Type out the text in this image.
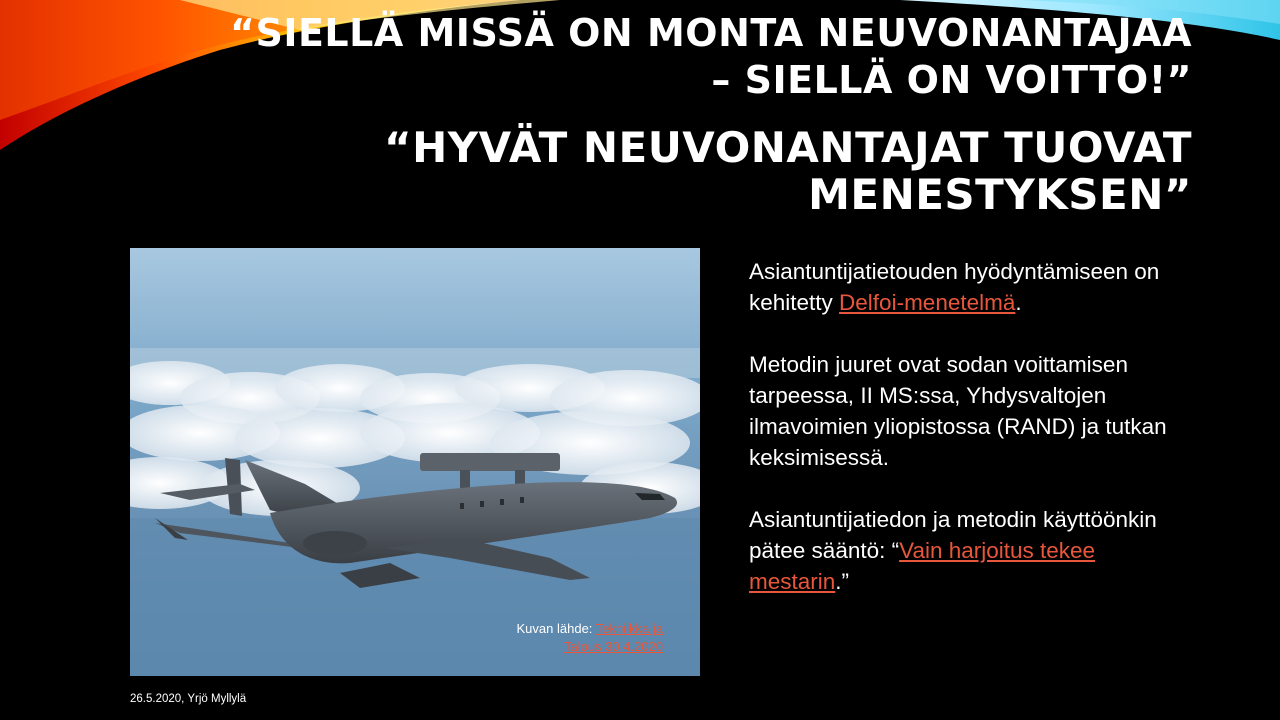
“SIELLÄ MISSÄ ON MONTA NEUVONANTAJAA
– SIELLÄ ON VOITTO!”
“HYVÄT NEUVONANTAJAT TUOVAT
MENESTYKSEN”
Kuvan lähde: Tekniikka ja
Talous 30.4.2020

Asiantuntijatietouden hyödyntämiseen on kehitetty Delfoi-menetelmä.

Metodin juuret ovat sodan voittamisen tarpeessa, II MS:ssa, Yhdysvaltojen ilmavoimien yliopistossa (RAND) ja tutkan keksimisessä.

Asiantuntijatiedon ja metodin käyttöönkin pätee sääntö: “Vain harjoitus tekee mestarin.”

26.5.2020, Yrjö Myllylä
